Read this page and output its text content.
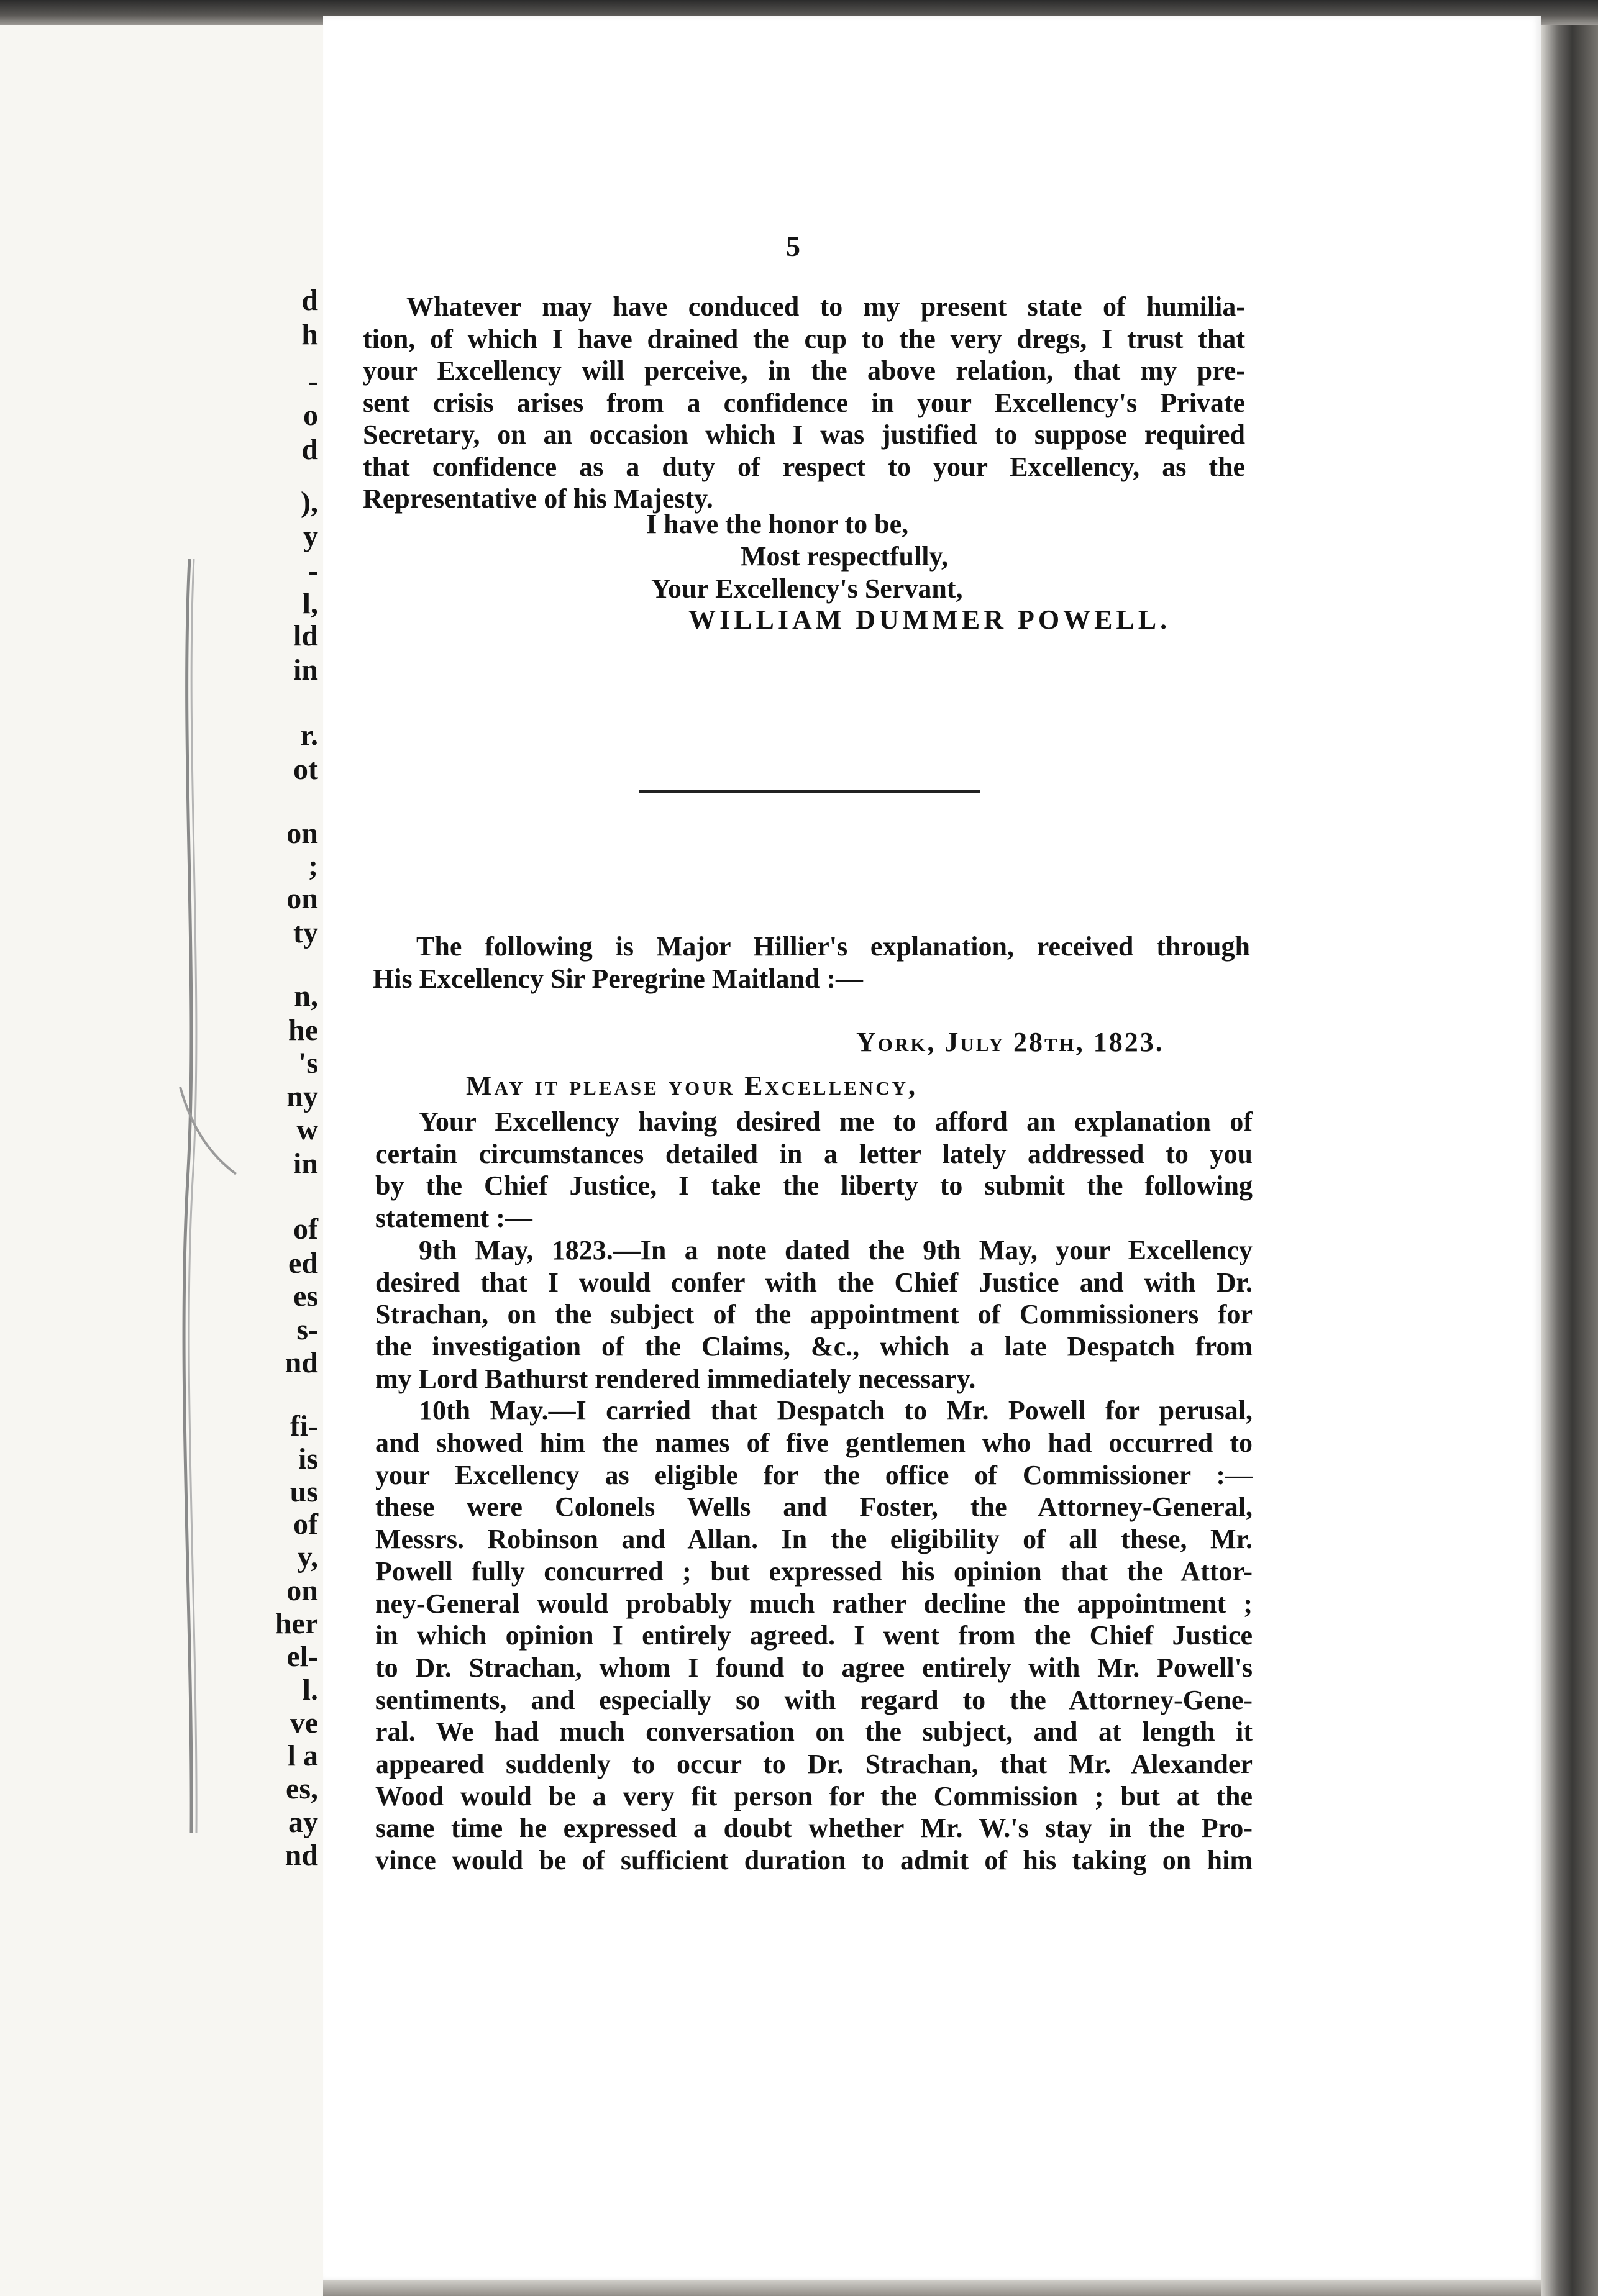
d
h
-
o
d
),
y
-
l,
ld
in
r.
ot
on
;
on
ty
n,
he
's
ny
w
in
of
ed
es
s-
nd
fi-
is
us
of
y,
on
her
el-
l.
ve
l a
es,
ay
nd
5
Whatever may have conduced to my present state of humilia-
tion, of which I have drained the cup to the very dregs, I trust that
your Excellency will perceive, in the above relation, that my pre-
sent crisis arises from a confidence in your Excellency's Private
Secretary, on an occasion which I was justified to suppose required
that confidence as a duty of respect to your Excellency, as the
Representative of his Majesty.
I have the honor to be,
Most respectfully,
Your Excellency's Servant,
WILLIAM DUMMER POWELL.
The following is Major Hillier's explanation, received through
His Excellency Sir Peregrine Maitland :—
York, July 28th, 1823.
May it please your Excellency,
Your Excellency having desired me to afford an explanation of
certain circumstances detailed in a letter lately addressed to you
by the Chief Justice, I take the liberty to submit the following
statement :—
9th May, 1823.—In a note dated the 9th May, your Excellency
desired that I would confer with the Chief Justice and with Dr.
Strachan, on the subject of the appointment of Commissioners for
the investigation of the Claims, &c., which a late Despatch from
my Lord Bathurst rendered immediately necessary.
10th May.—I carried that Despatch to Mr. Powell for perusal,
and showed him the names of five gentlemen who had occurred to
your Excellency as eligible for the office of Commissioner :—
these were Colonels Wells and Foster, the Attorney-General,
Messrs. Robinson and Allan. In the eligibility of all these, Mr.
Powell fully concurred ; but expressed his opinion that the Attor-
ney-General would probably much rather decline the appointment ;
in which opinion I entirely agreed. I went from the Chief Justice
to Dr. Strachan, whom I found to agree entirely with Mr. Powell's
sentiments, and especially so with regard to the Attorney-Gene-
ral. We had much conversation on the subject, and at length it
appeared suddenly to occur to Dr. Strachan, that Mr. Alexander
Wood would be a very fit person for the Commission ; but at the
same time he expressed a doubt whether Mr. W.'s stay in the Pro-
vince would be of sufficient duration to admit of his taking on him
